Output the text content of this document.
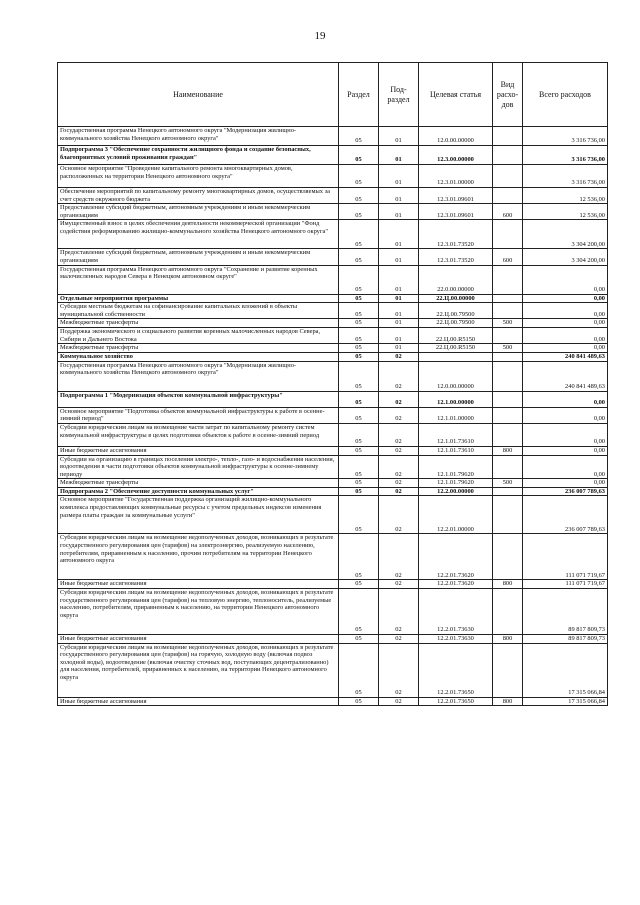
19
Наименование	Раздел	Под-раздел	Целевая статья	Вид расхо-дов	Всего расходов
Государственная программа Ненецкого автономного округа "Модернизация жилищно-коммунального хозяйства Ненецкого автономного округа"	05	01	12.0.00.00000		3 316 736,00
Подпрограмма 3 "Обеспечение сохранности жилищного фонда и создание безопасных, благоприятных условий проживания граждан"	05	01	12.3.00.00000		3 316 736,00
Основное мероприятие "Проведение капитального ремонта многоквартирных домов, расположенных на территории Ненецкого автономного округа"	05	01	12.3.01.00000		3 316 736,00
Обеспечение мероприятий по капитальному ремонту многоквартирных домов, осуществляемых за счет средств окружного бюджета	05	01	12.3.01.09601		12 536,00
Предоставление субсидий бюджетным, автономным учреждениям и иным некоммерческим организациям	05	01	12.3.01.09601	600	12 536,00
Имущественный взнос в целях обеспечения деятельности некоммерческой организации "Фонд содействия реформированию жилищно-коммунального хозяйства Ненецкого автономного округа"	05	01	12.3.01.73520		3 304 200,00
Предоставление субсидий бюджетным, автономным учреждениям и иным некоммерческим организациям	05	01	12.3.01.73520	600	3 304 200,00
Государственная программа Ненецкого автономного округа "Сохранение и развитие коренных малочисленных народов Севера в Ненецком автономном округе"	05	01	22.0.00.00000		0,00
Отдельные мероприятия программы	05	01	22.Ц.00.00000		0,00
Субсидии местным бюджетам на софинансирование капитальных вложений в объекты муниципальной собственности	05	01	22.Ц.00.79500		0,00
Межбюджетные трансферты	05	01	22.Ц.00.79500	500	0,00
Поддержка экономического и социального развития коренных малочисленных народов Севера, Сибири и Дальнего Востока	05	01	22.Ц.00.R5150		0,00
Межбюджетные трансферты	05	01	22.Ц.00.R5150	500	0,00
Коммунальное хозяйство	05	02			240 841 489,63
Государственная программа Ненецкого автономного округа "Модернизация жилищно-коммунального хозяйства Ненецкого автономного округа"	05	02	12.0.00.00000		240 841 489,63
Подпрограмма 1 "Модернизация объектов коммунальной инфраструктуры"	05	02	12.1.00.00000		0,00
Основное мероприятие "Подготовка объектов коммунальной инфраструктуры к работе в осенне-зимний период"	05	02	12.1.01.00000		0,00
Субсидии юридическим лицам на возмещение части затрат по капитальному ремонту систем коммунальной инфраструктуры в целях подготовки объектов к работе в осенне-зимний период	05	02	12.1.01.73610		0,00
Иные бюджетные ассигнования	05	02	12.1.01.73610	800	0,00
Субсидии на организацию в границах поселения электро-, тепло-, газо- и водоснабжения населения, водоотведения в части подготовки объектов коммунальной инфраструктуры к осенне-зимнему периоду	05	02	12.1.01.79620		0,00
Межбюджетные трансферты	05	02	12.1.01.79620	500	0,00
Подпрограмма 2 "Обеспечение доступности коммунальных услуг"	05	02	12.2.00.00000		236 007 789,63
Основное мероприятие "Государственная поддержка организаций жилищно-коммунального комплекса предоставляющих коммунальные ресурсы с учетом предельных индексов изменения размера платы граждан за коммунальные услуги"	05	02	12.2.01.00000		236 007 789,63
Субсидии юридическим лицам на возмещение недополученных доходов, возникающих в результате государственного регулирования цен (тарифов) на электроэнергию, реализуемую населению, потребителям, приравненным к населению, прочим потребителям на территории Ненецкого автономного округа	05	02	12.2.01.73620		111 071 719,67
Иные бюджетные ассигнования	05	02	12.2.01.73620	800	111 071 719,67
Субсидии юридическим лицам на возмещение недополученных доходов, возникающих в результате государственного регулирования цен (тарифов) на тепловую энергию, теплоноситель, реализуемые населению, потребителям, приравненным к населению, на территории Ненецкого автономного округа	05	02	12.2.01.73630		89 817 809,73
Иные бюджетные ассигнования	05	02	12.2.01.73630	800	89 817 809,73
Субсидии юридическим лицам на возмещение недополученных доходов, возникающих в результате государственного регулирования цен (тарифов) на горячую, холодную воду (включая подвоз холодной воды), водоотведение (включая очистку сточных вод, поступающих децентрализованно) для населения, потребителей, приравненных к населению, на территории Ненецкого автономного округа	05	02	12.2.01.73650		17 315 066,84
Иные бюджетные ассигнования	05	02	12.2.01.73650	800	17 315 066,84
